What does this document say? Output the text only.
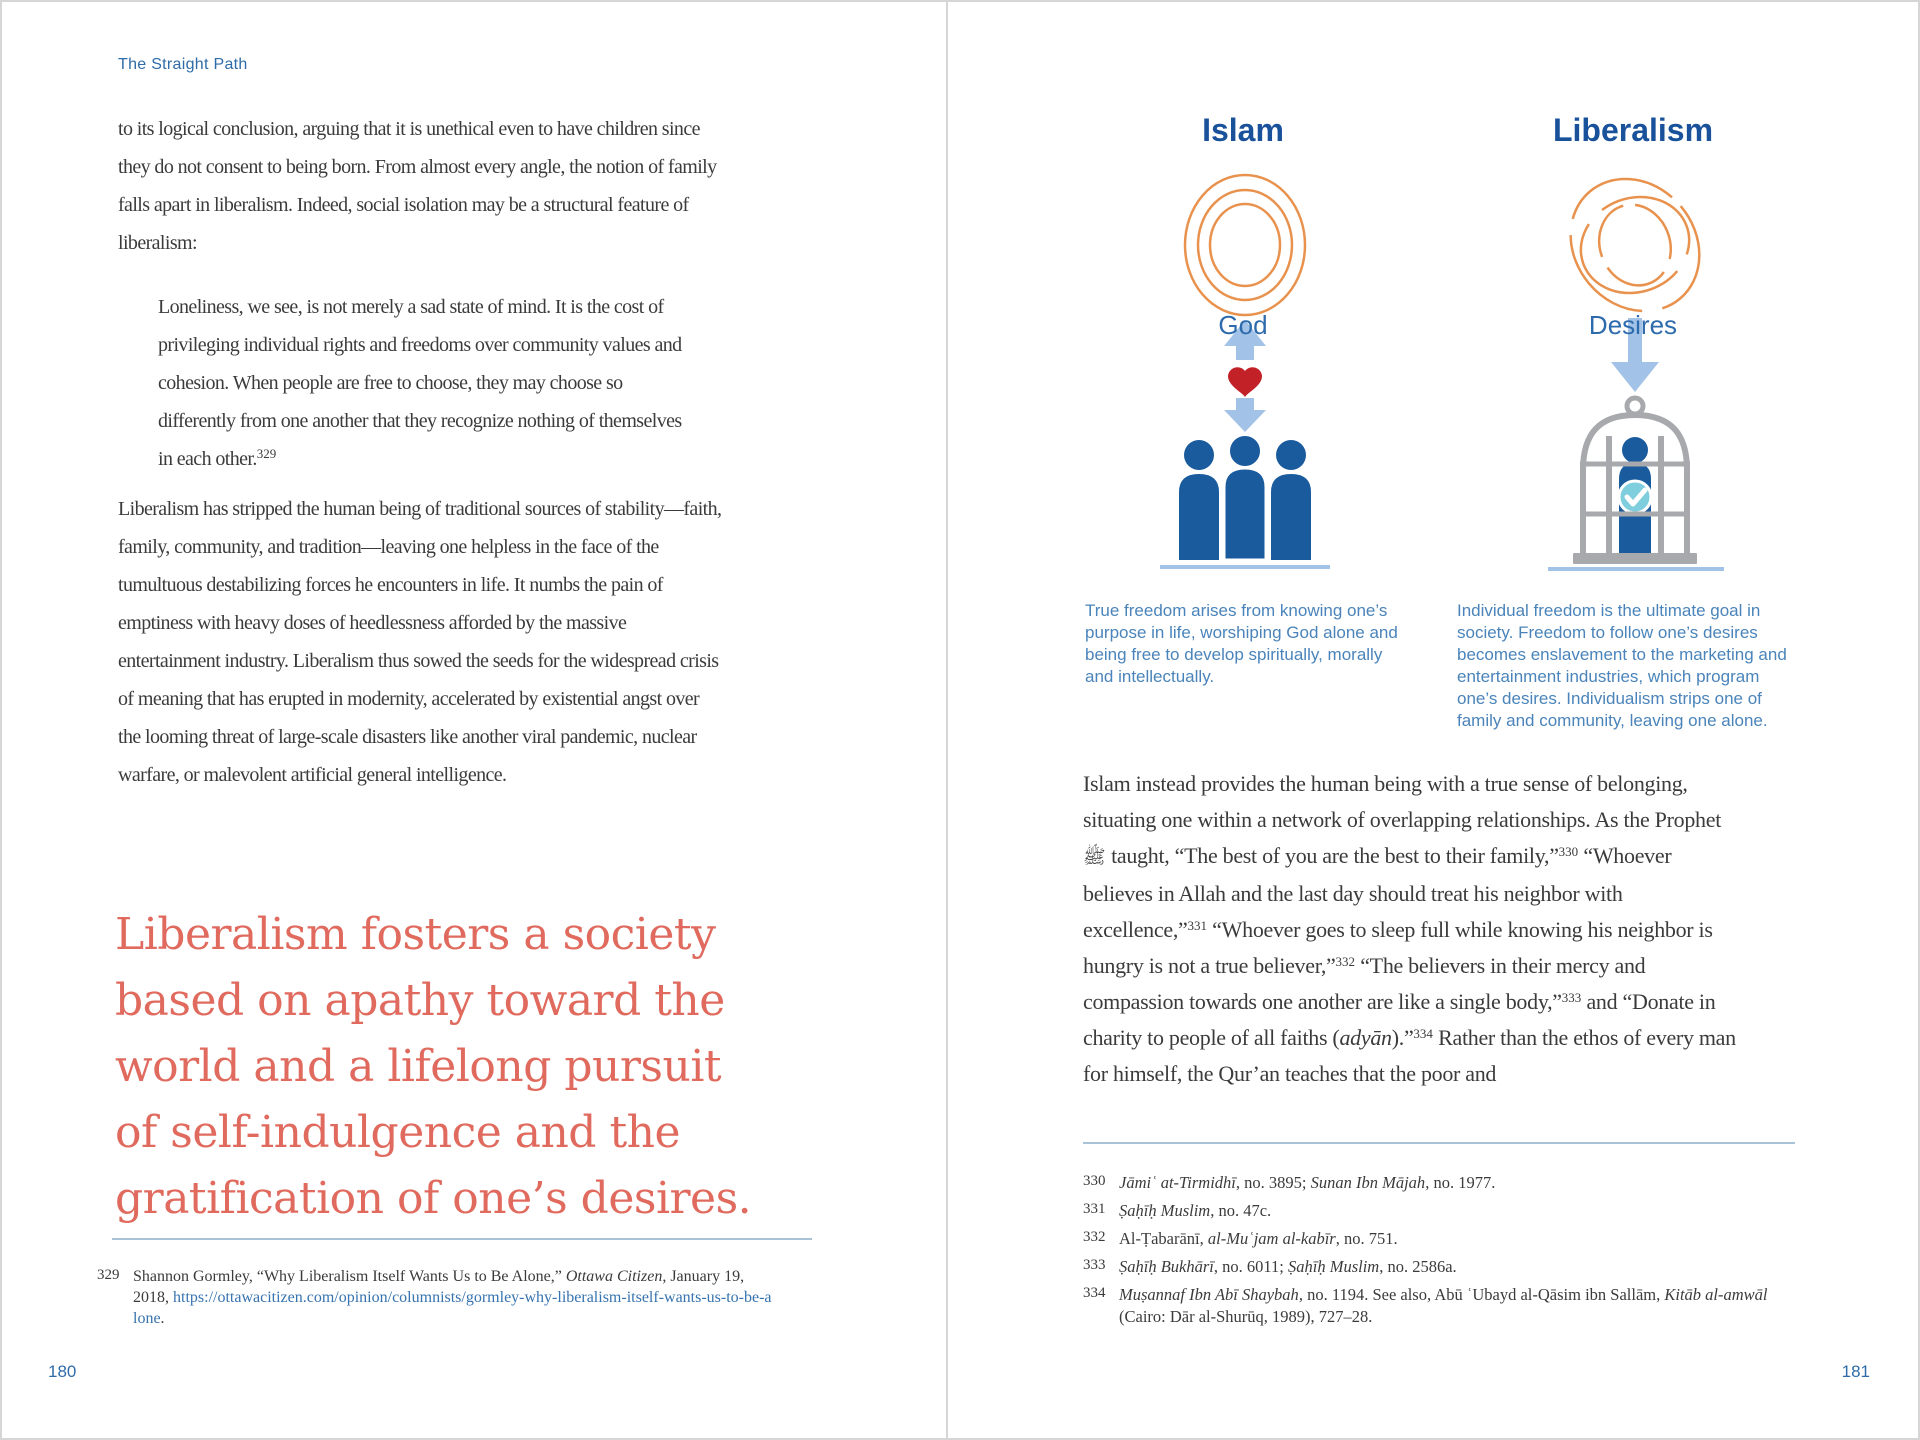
The Straight Path
to its logical conclusion, arguing that it is unethical even to have children since they do not consent to being born. From almost every angle, the notion of family falls apart in liberalism. Indeed, social isolation may be a structural feature of liberalism:
Loneliness, we see, is not merely a sad state of mind. It is the cost of privileging individual rights and freedoms over community values and cohesion. When people are free to choose, they may choose so differently from one another that they recognize nothing of themselves in each other.$^{329}$
Liberalism has stripped the human being of traditional sources of stability—faith, family, community, and tradition—leaving one helpless in the face of the tumultuous destabilizing forces he encounters in life. It numbs the pain of emptiness with heavy doses of heedlessness afforded by the massive entertainment industry. Liberalism thus sowed the seeds for the widespread crisis of meaning that has erupted in modernity, accelerated by existential angst over the looming threat of large-scale disasters like another viral pandemic, nuclear warfare, or malevolent artificial general intelligence.
Liberalism fosters a society
based on apathy toward the
world and a lifelong pursuit
of self-indulgence and the
gratification of one’s desires.
329 Shannon Gormley, “Why Liberalism Itself Wants Us to Be Alone,” Ottawa Citizen, January 19, 2018, https://ottawacitizen.com/opinion/columnists/gormley-why-liberalism-itself-wants-us-to-be-alone.
180
Islam	Liberalism
God	Desires
True freedom arises from knowing one’s purpose in life, worshiping God alone and being free to develop spiritually, morally and intellectually.
Individual freedom is the ultimate goal in society. Freedom to follow one’s desires becomes enslavement to the marketing and entertainment industries, which program one’s desires. Individualism strips one of family and community, leaving one alone.
Islam instead provides the human being with a true sense of belonging, situating one within a network of overlapping relationships. As the Prophet ﷺ taught, “The best of you are the best to their family,”$^{330}$ “Whoever believes in Allah and the last day should treat his neighbor with excellence,”$^{331}$ “Whoever goes to sleep full while knowing his neighbor is hungry is not a true believer,”$^{332}$ “The believers in their mercy and compassion towards one another are like a single body,”$^{333}$ and “Donate in charity to people of all faiths (adyān).”$^{334}$ Rather than the ethos of every man for himself, the Qur’an teaches that the poor and
330 Jāmiʿ at-Tirmidhī, no. 3895; Sunan Ibn Mājah, no. 1977.
331 Ṣaḥīḥ Muslim, no. 47c.
332 Al-Ṭabarānī, al-Muʿjam al-kabīr, no. 751.
333 Ṣaḥīḥ Bukhārī, no. 6011; Ṣaḥīḥ Muslim, no. 2586a.
334 Muṣannaf Ibn Abī Shaybah, no. 1194. See also, Abū ʿUbayd al-Qāsim ibn Sallām, Kitāb al-amwāl (Cairo: Dār al-Shurūq, 1989), 727–28.
181
